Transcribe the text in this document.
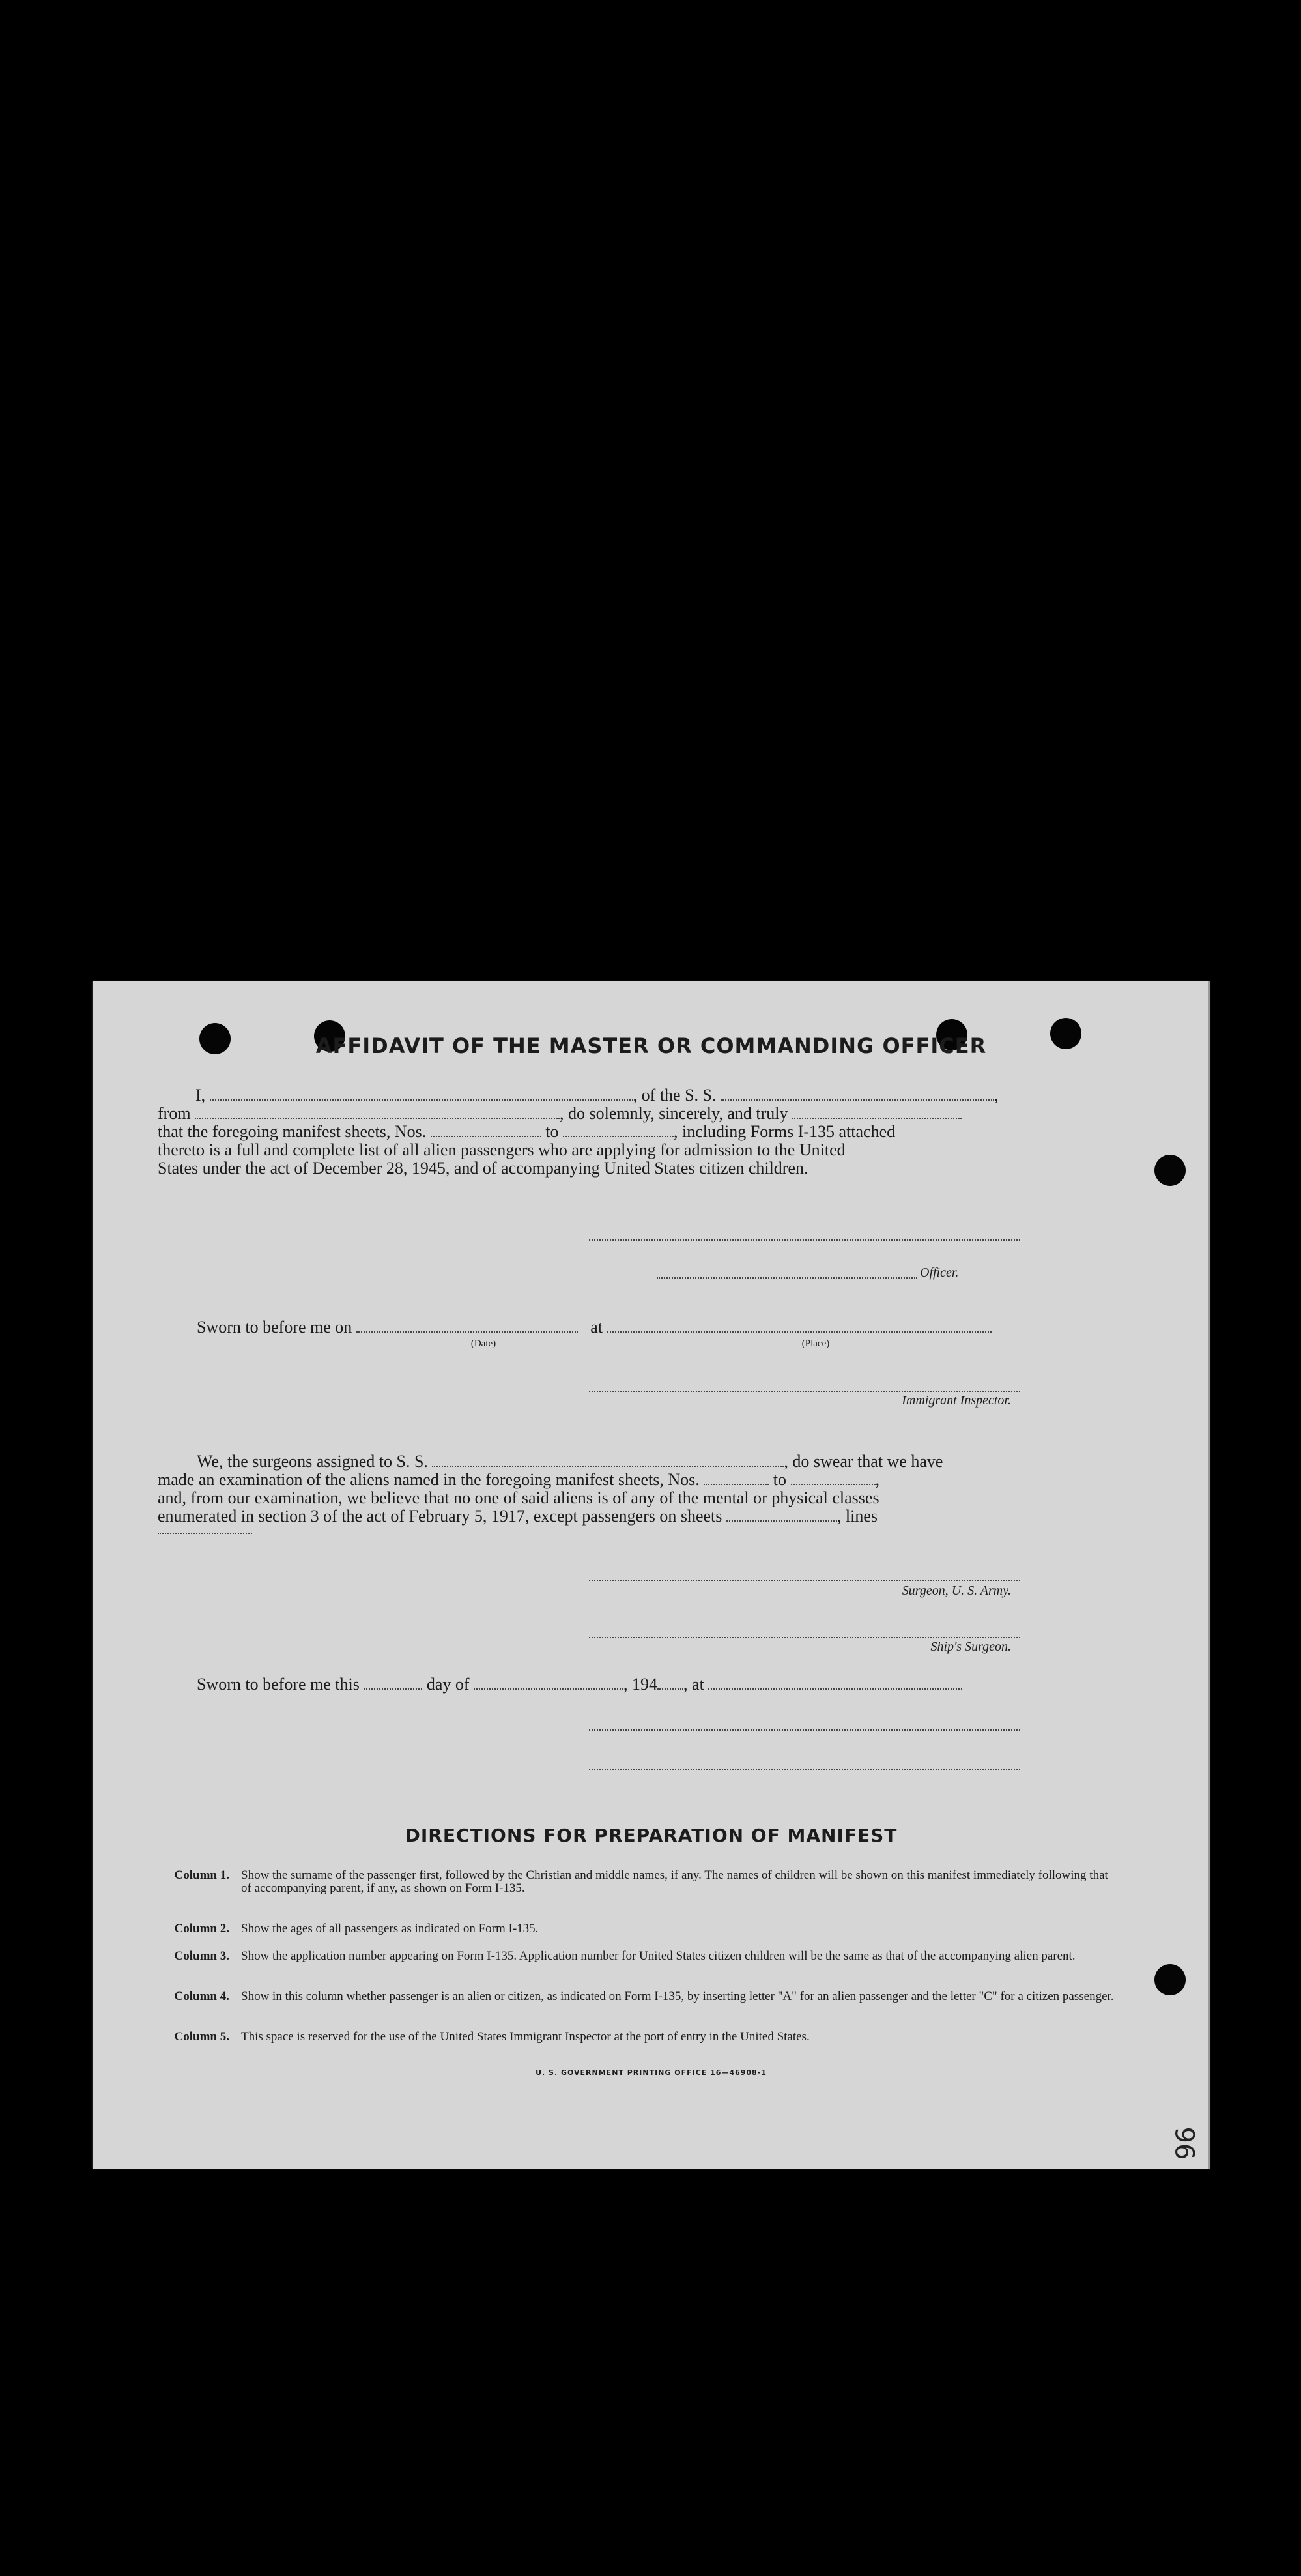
AFFIDAVIT OF THE MASTER OR COMMANDING OFFICER
I,	, of the S. S.	,
from	, do solemnly, sincerely, and truly
that the foregoing manifest sheets, Nos.	to	, including Forms I-135 attached
thereto is a full and complete list of all alien passengers who are applying for admission to the United
States under the act of December 28, 1945, and of accompanying United States citizen children.
Officer.
Sworn to before me on	at
(Date)	(Place)
Immigrant Inspector.
We, the surgeons assigned to S. S.	, do swear that we have
made an examination of the aliens named in the foregoing manifest sheets, Nos.	to	,
and, from our examination, we believe that no one of said aliens is of any of the mental or physical classes
enumerated in section 3 of the act of February 5, 1917, except passengers on sheets	, lines
Surgeon, U. S. Army.
Ship's Surgeon.
Sworn to before me this	day of	, 194 , at
DIRECTIONS FOR PREPARATION OF MANIFEST
Column 1. Show the surname of the passenger first, followed by the Christian and middle names, if any. The names of children will be shown on this manifest immediately following that of accompanying parent, if any, as shown on Form I-135.
Column 2. Show the ages of all passengers as indicated on Form I-135.
Column 3. Show the application number appearing on Form I-135. Application number for United States citizen children will be the same as that of the accompanying alien parent.
Column 4. Show in this column whether passenger is an alien or citizen, as indicated on Form I-135, by inserting letter "A" for an alien passenger and the letter "C" for a citizen passenger.
Column 5. This space is reserved for the use of the United States Immigrant Inspector at the port of entry in the United States.
U. S. GOVERNMENT PRINTING OFFICE 16—46908-1
96
